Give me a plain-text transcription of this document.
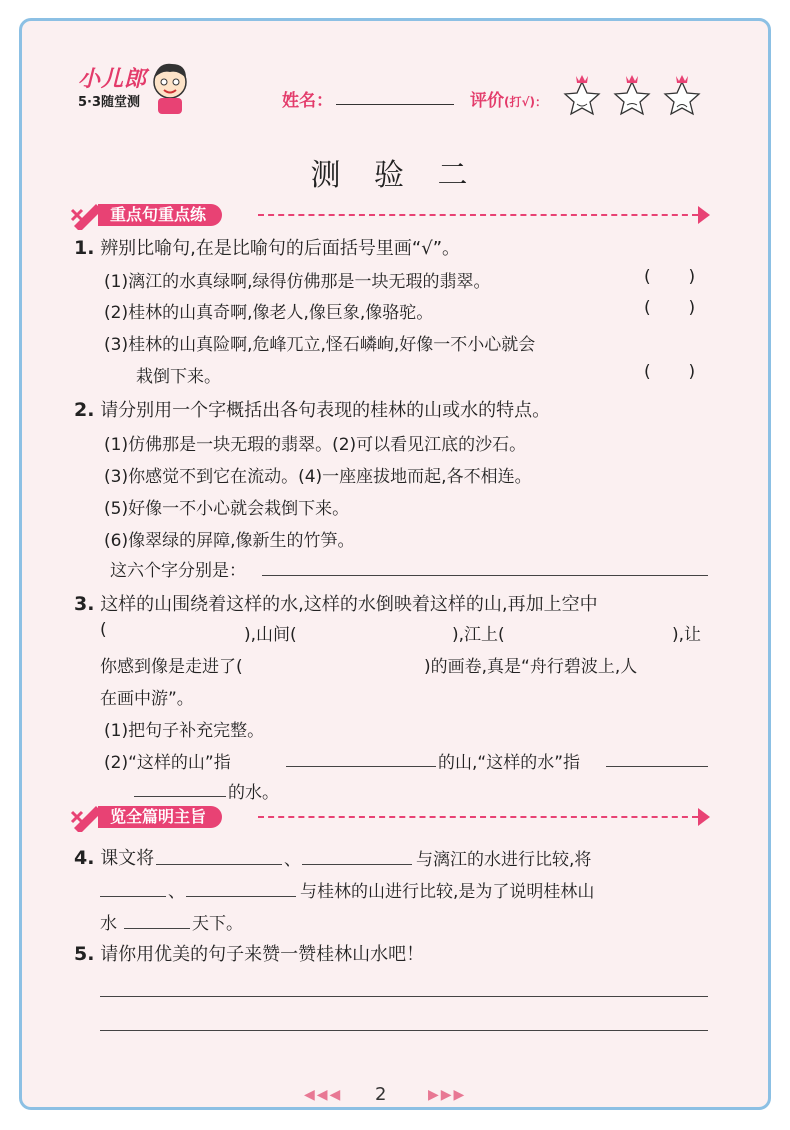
小儿郎
5·3随堂测	姓名：	评价(打√)：
测 验 二
重点句重点练
1. 辨别比喻句,在是比喻句的后面括号里画“√”。
(1)漓江的水真绿啊,绿得仿佛那是一块无瑕的翡翠。	(       )
(2)桂林的山真奇啊,像老人,像巨象,像骆驼。	(       )
(3)桂林的山真险啊,危峰兀立,怪石嶙峋,好像一不小心就会
栽倒下来。	(       )
2. 请分别用一个字概括出各句表现的桂林的山或水的特点。
(1)仿佛那是一块无瑕的翡翠。(2)可以看见江底的沙石。
(3)你感觉不到它在流动。(4)一座座拔地而起,各不相连。
(5)好像一不小心就会栽倒下来。
(6)像翠绿的屏障,像新生的竹笋。
这六个字分别是：
3. 这样的山围绕着这样的水,这样的水倒映着这样的山,再加上空中
(	),山间(	),江上(	),让
你感到像是走进了(	)的画卷,真是“舟行碧波上,人
在画中游”。
(1)把句子补充完整。
(2)“这样的山”指	的山,“这样的水”指
的水。
览全篇明主旨
4. 课文将	、	与漓江的水进行比较,将
、	与桂林的山进行比较,是为了说明桂林山
水	天下。
5. 请你用优美的句子来赞一赞桂林山水吧！
◀◀◀ 2	▶▶▶
